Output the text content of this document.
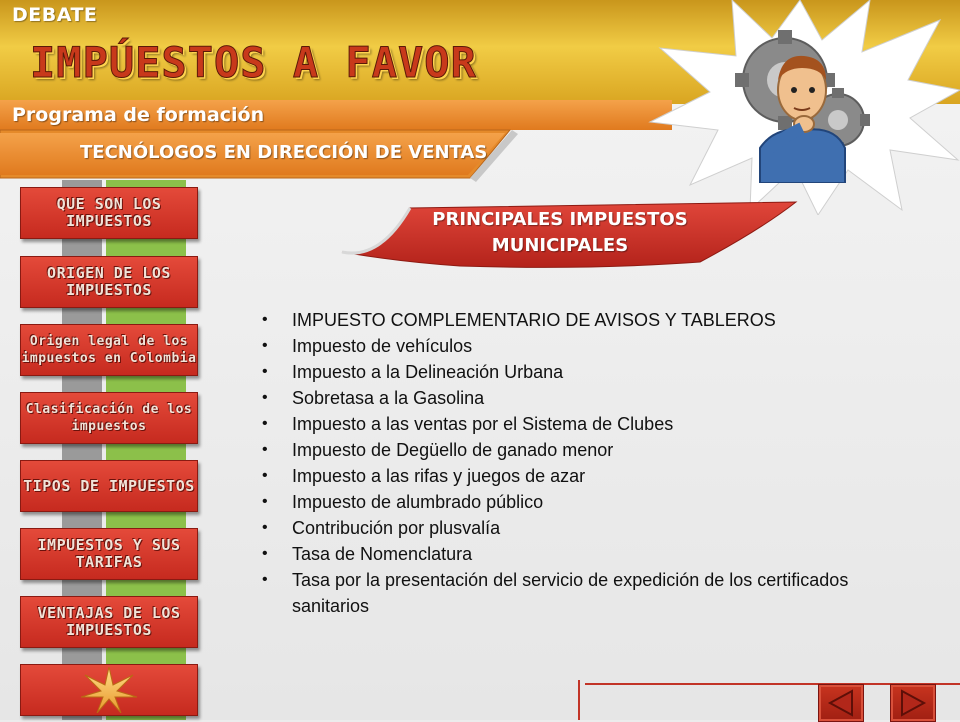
DEBATE
IMPÚESTOS A FAVOR
Programa de formación
TECNÓLOGOS EN DIRECCIÓN DE VENTAS
QUE SON LOS IMPUESTOS
ORIGEN DE LOS IMPUESTOS
Origen legal de los impuestos en Colombia
Clasificación de los impuestos
TIPOS DE IMPUESTOS
IMPUESTOS Y SUS TARIFAS
VENTAJAS DE LOS IMPUESTOS
PRINCIPALES IMPUESTOS MUNICIPALES
• IMPUESTO COMPLEMENTARIO DE AVISOS Y TABLEROS
• Impuesto de vehículos
• Impuesto a la Delineación Urbana
• Sobretasa a la Gasolina
• Impuesto a las ventas por el Sistema de Clubes
• Impuesto de Degüello de ganado menor
• Impuesto a las rifas y juegos de azar
• Impuesto de alumbrado público
• Contribución por plusvalía
• Tasa de Nomenclatura
• Tasa por la presentación del servicio de expedición de los certificados sanitarios
